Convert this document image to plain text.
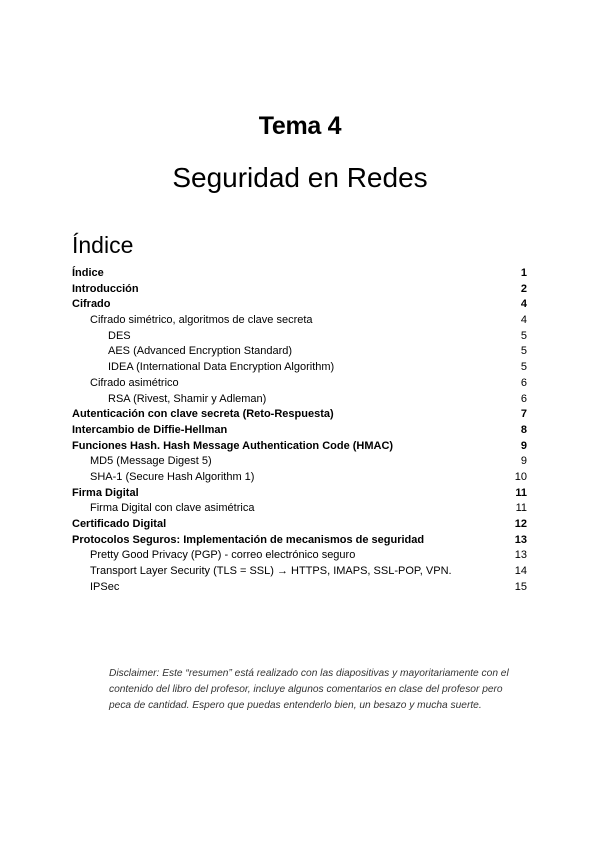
Tema 4
Seguridad en Redes
Índice
Índice	1
Introducción	2
Cifrado	4
Cifrado simétrico, algoritmos de clave secreta	4
DES	5
AES (Advanced Encryption Standard)	5
IDEA (International Data Encryption Algorithm)	5
Cifrado asimétrico	6
RSA (Rivest, Shamir y Adleman)	6
Autenticación con clave secreta (Reto-Respuesta)	7
Intercambio de Diffie-Hellman	8
Funciones Hash. Hash Message Authentication Code (HMAC)	9
MD5 (Message Digest 5)	9
SHA-1 (Secure Hash Algorithm 1)	10
Firma Digital	11
Firma Digital con clave asimétrica	11
Certificado Digital	12
Protocolos Seguros: Implementación de mecanismos de seguridad	13
Pretty Good Privacy (PGP) - correo electrónico seguro	13
Transport Layer Security (TLS = SSL) → HTTPS, IMAPS, SSL-POP, VPN.	14
IPSec	15
Disclaimer: Este “resumen” está realizado con las diapositivas y mayoritariamente con el contenido del libro del profesor, incluye algunos comentarios en clase del profesor pero peca de cantidad. Espero que puedas entenderlo bien, un besazo y mucha suerte.
